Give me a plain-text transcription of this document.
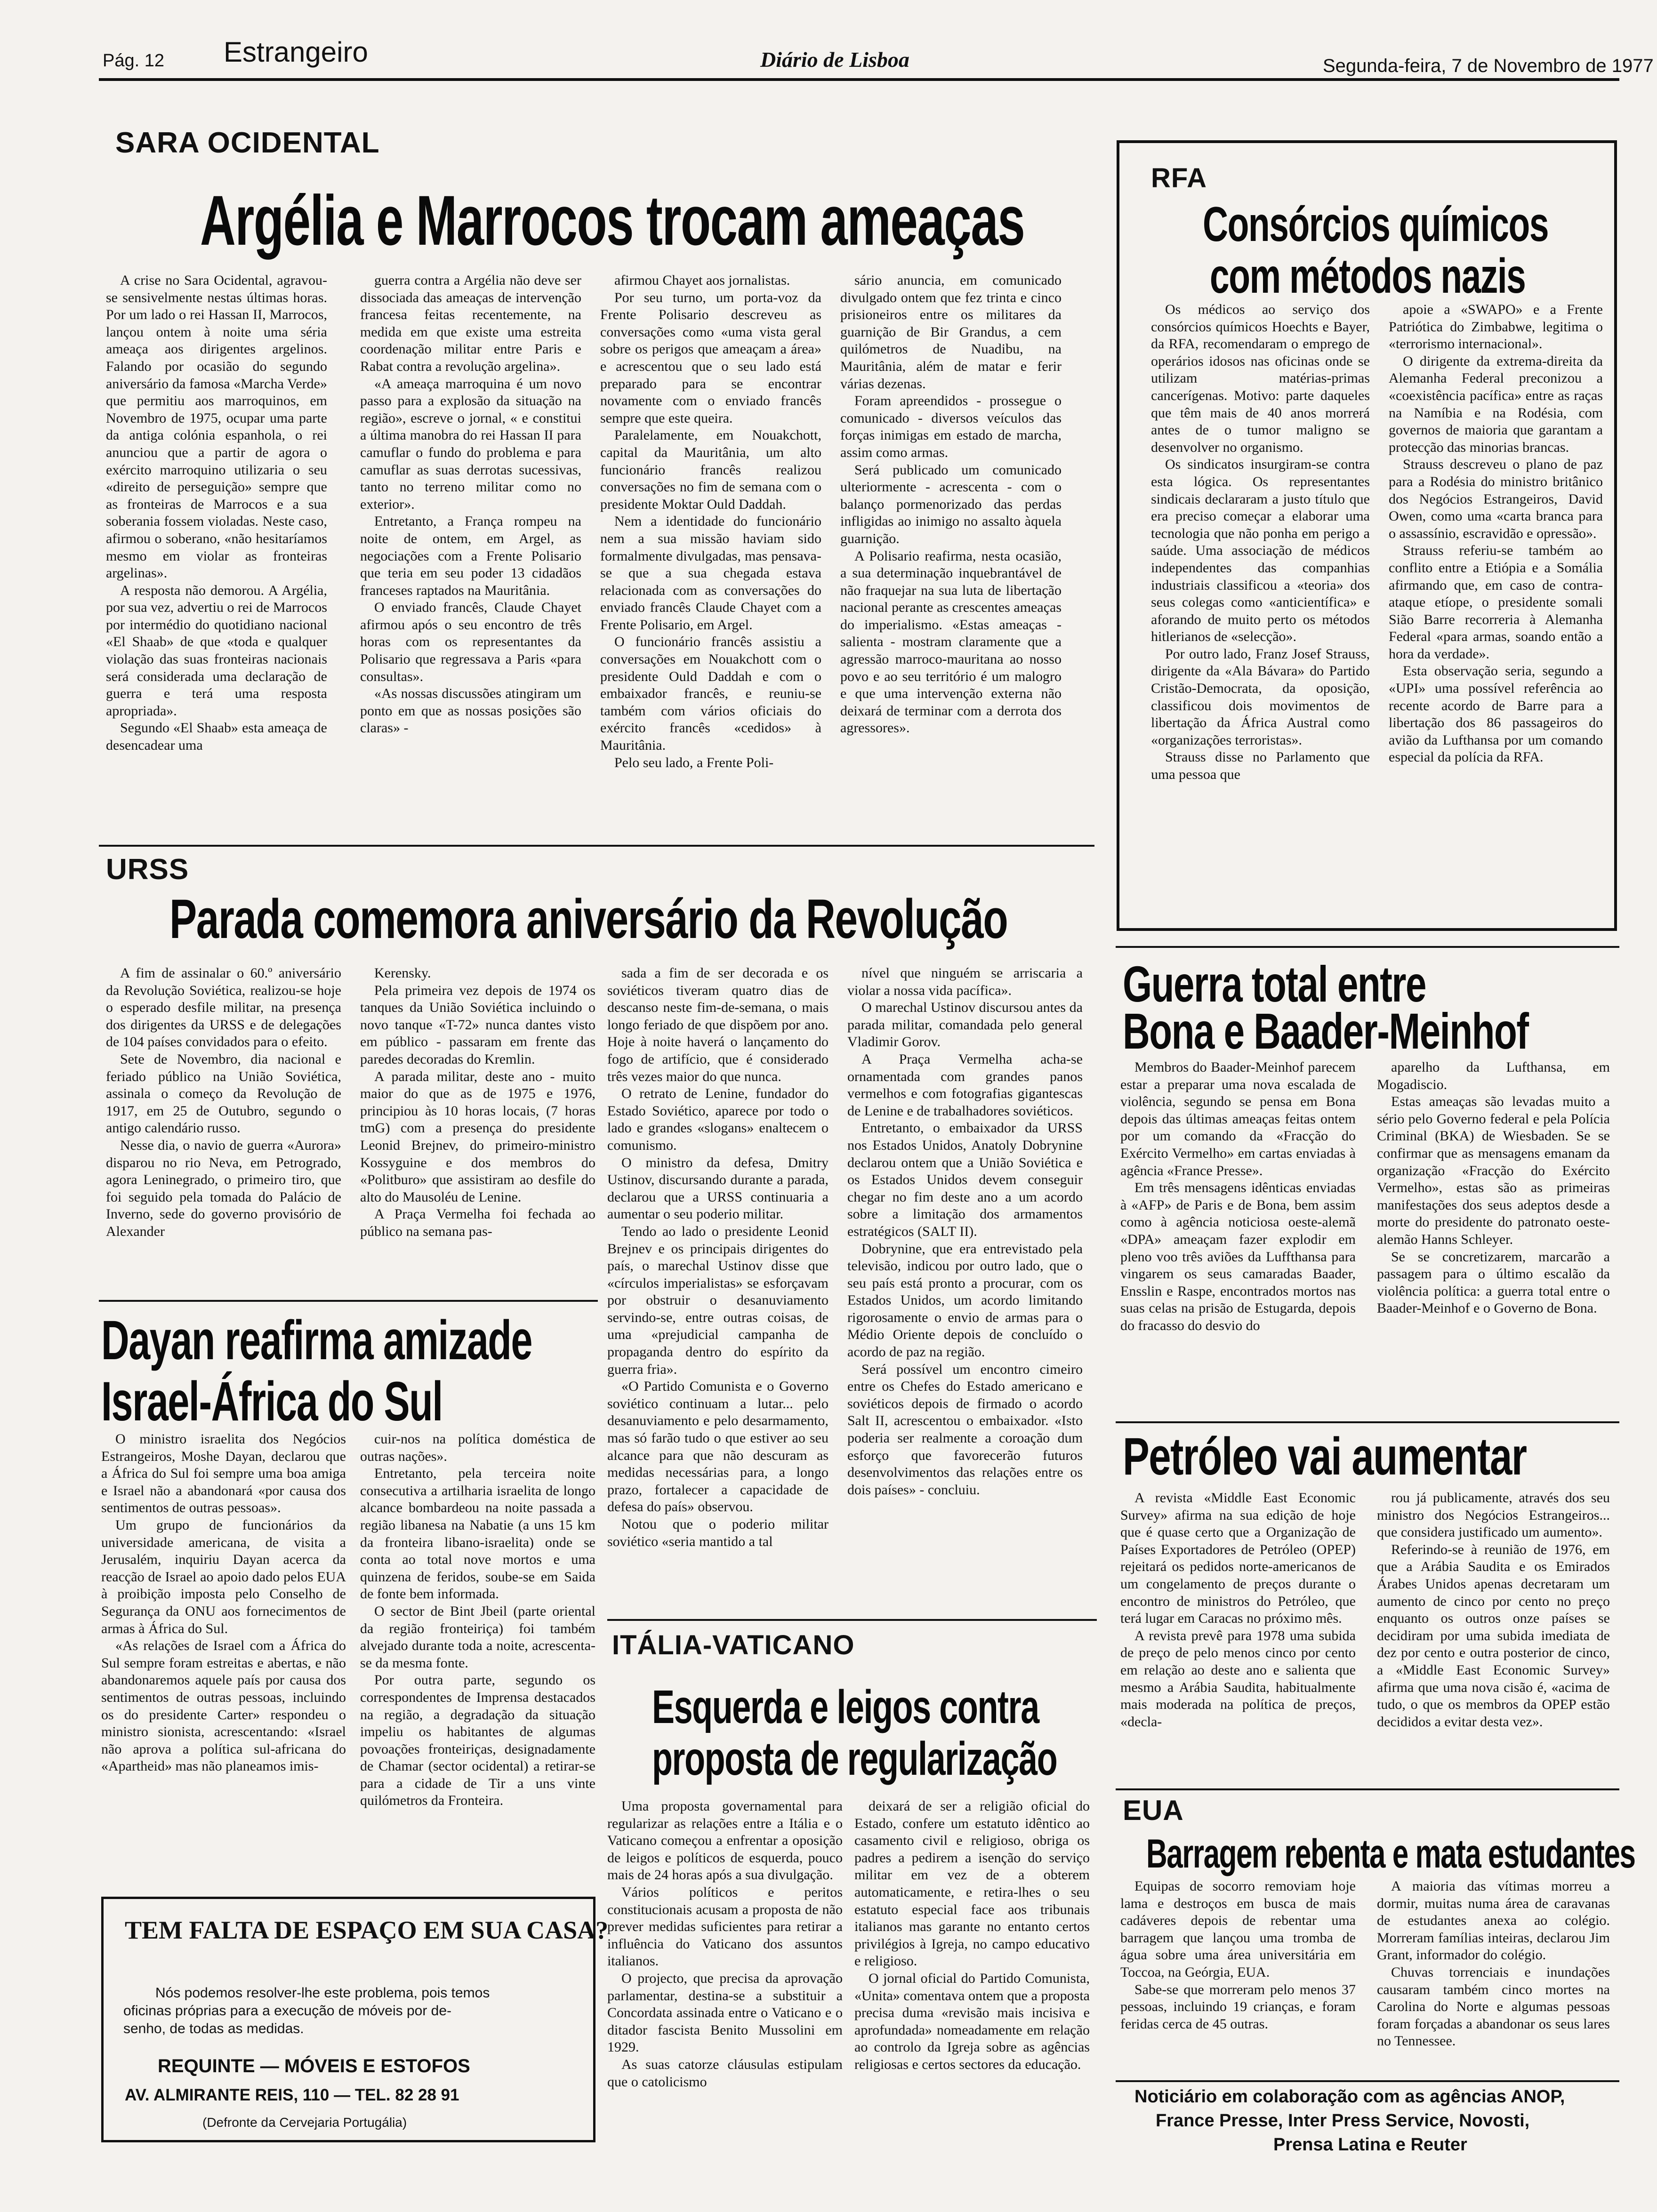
Pág. 12 Estrangeiro	Diário de Lisboa	Segunda-feira, 7 de Novembro de 1977
SARA OCIDENTAL
Argélia e Marrocos trocam ameaças

A crise no Sara Ocidental, agravou-se sensivelmente nestas últimas horas. Por um lado o rei Hassan II, Marrocos, lançou ontem à noite uma séria ameaça aos dirigentes argelinos. Falando por ocasião do segundo aniversário da famosa «Marcha Verde» que permitiu aos marroquinos, em Novembro de 1975, ocupar uma parte da antiga colónia espanhola, o rei anunciou que a partir de agora o exército marroquino utilizaria o seu «direito de perseguição» sempre que as fronteiras de Marrocos e a sua soberania fossem violadas. Neste caso, afirmou o soberano, «não hesitaríamos mesmo em violar as fronteiras argelinas».

A resposta não demorou. A Argélia, por sua vez, advertiu o rei de Marrocos por intermédio do quotidiano nacional «El Shaab» de que «toda e qualquer violação das suas fronteiras nacionais será considerada uma declaração de guerra e terá uma resposta apropriada».

Segundo «El Shaab» esta ameaça de desencadear uma

guerra contra a Argélia não deve ser dissociada das ameaças de intervenção francesa feitas recentemente, na medida em que existe uma estreita coordenação militar entre Paris e Rabat contra a revolução argelina».

«A ameaça marroquina é um novo passo para a explosão da situação na região», escreve o jornal, « e constitui a última manobra do rei Hassan II para camuflar o fundo do problema e para camuflar as suas derrotas sucessivas, tanto no terreno militar como no exterior».

Entretanto, a França rompeu na noite de ontem, em Argel, as negociações com a Frente Polisario que teria em seu poder 13 cidadãos franceses raptados na Mauritânia.

O enviado francês, Claude Chayet afirmou após o seu encontro de três horas com os representantes da Polisario que regressava a Paris «para consultas».

«As nossas discussões atingiram um ponto em que as nossas posições são claras» -

afirmou Chayet aos jornalistas.

Por seu turno, um porta-voz da Frente Polisario descreveu as conversações como «uma vista geral sobre os perigos que ameaçam a área» e acrescentou que o seu lado está preparado para se encontrar novamente com o enviado francês sempre que este queira.

Paralelamente, em Nouakchott, capital da Mauritânia, um alto funcionário francês realizou conversações no fim de semana com o presidente Moktar Ould Daddah.

Nem a identidade do funcionário nem a sua missão haviam sido formalmente divulgadas, mas pensava-se que a sua chegada estava relacionada com as conversações do enviado francês Claude Chayet com a Frente Polisario, em Argel.

O funcionário francês assistiu a conversações em Nouakchott com o presidente Ould Daddah e com o embaixador francês, e reuniu-se também com vários oficiais do exército francês «cedidos» à Mauritânia.

Pelo seu lado, a Frente Poli-

sário anuncia, em comunicado divulgado ontem que fez trinta e cinco prisioneiros entre os militares da guarnição de Bir Grandus, a cem quilómetros de Nuadibu, na Mauritânia, além de matar e ferir várias dezenas.

Foram apreendidos - prossegue o comunicado - diversos veículos das forças inimigas em estado de marcha, assim como armas.

Será publicado um comunicado ulteriormente - acrescenta - com o balanço pormenorizado das perdas infligidas ao inimigo no assalto àquela guarnição.

A Polisario reafirma, nesta ocasião, a sua determinação inquebrantável de não fraquejar na sua luta de libertação nacional perante as crescentes ameaças do imperialismo. «Estas ameaças - salienta - mostram claramente que a agressão marroco-mauritana ao nosso povo e ao seu território é um malogro e que uma intervenção externa não deixará de terminar com a derrota dos agressores».

RFA
Consórcios químicos
com métodos nazis

Os médicos ao serviço dos consórcios químicos Hoechts e Bayer, da RFA, recomendaram o emprego de operários idosos nas oficinas onde se utilizam matérias-primas cancerígenas. Motivo: parte daqueles que têm mais de 40 anos morrerá antes de o tumor maligno se desenvolver no organismo.

Os sindicatos insurgiram-se contra esta lógica. Os representantes sindicais declararam a justo título que era preciso começar a elaborar uma tecnologia que não ponha em perigo a saúde. Uma associação de médicos independentes das companhias industriais classificou a «teoria» dos seus colegas como «anticientífica» e aforando de muito perto os métodos hitlerianos de «selecção».

Por outro lado, Franz Josef Strauss, dirigente da «Ala Bávara» do Partido Cristão-Democrata, da oposição, classificou dois movimentos de libertação da África Austral como «organizações terroristas».

Strauss disse no Parlamento que uma pessoa que

apoie a «SWAPO» e a Frente Patriótica do Zimbabwe, legitima o «terrorismo internacional».

O dirigente da extrema-direita da Alemanha Federal preconizou a «coexistência pacífica» entre as raças na Namíbia e na Rodésia, com governos de maioria que garantam a protecção das minorias brancas.

Strauss descreveu o plano de paz para a Rodésia do ministro britânico dos Negócios Estrangeiros, David Owen, como uma «carta branca para o assassínio, escravidão e opressão».

Strauss referiu-se também ao conflito entre a Etiópia e a Somália afirmando que, em caso de contra-ataque etíope, o presidente somali Sião Barre recorreria à Alemanha Federal «para armas, soando então a hora da verdade».

Esta observação seria, segundo a «UPI» uma possível referência ao recente acordo de Barre para a libertação dos 86 passageiros do avião da Lufthansa por um comando especial da polícia da RFA.

URSS
Parada comemora aniversário da Revolução

A fim de assinalar o 60.º aniversário da Revolução Soviética, realizou-se hoje o esperado desfile militar, na presença dos dirigentes da URSS e de delegações de 104 países convidados para o efeito.

Sete de Novembro, dia nacional e feriado público na União Soviética, assinala o começo da Revolução de 1917, em 25 de Outubro, segundo o antigo calendário russo.

Nesse dia, o navio de guerra «Aurora» disparou no rio Neva, em Petrogrado, agora Leninegrado, o primeiro tiro, que foi seguido pela tomada do Palácio de Inverno, sede do governo provisório de Alexander

Kerensky.

Pela primeira vez depois de 1974 os tanques da União Soviética incluindo o novo tanque «T-72» nunca dantes visto em público - passaram em frente das paredes decoradas do Kremlin.

A parada militar, deste ano - muito maior do que as de 1975 e 1976, principiou às 10 horas locais, (7 horas tmG) com a presença do presidente Leonid Brejnev, do primeiro-ministro Kossyguine e dos membros do «Politburo» que assistiram ao desfile do alto do Mausoléu de Lenine.

A Praça Vermelha foi fechada ao público na semana pas-

sada a fim de ser decorada e os soviéticos tiveram quatro dias de descanso neste fim-de-semana, o mais longo feriado de que dispõem por ano. Hoje à noite haverá o lançamento do fogo de artifício, que é considerado três vezes maior do que nunca.

O retrato de Lenine, fundador do Estado Soviético, aparece por todo o lado e grandes «slogans» enaltecem o comunismo.

O ministro da defesa, Dmitry Ustinov, discursando durante a parada, declarou que a URSS continuaria a aumentar o seu poderio militar.

Tendo ao lado o presidente Leonid Brejnev e os principais dirigentes do país, o marechal Ustinov disse que «círculos imperialistas» se esforçavam por obstruir o desanuviamento servindo-se, entre outras coisas, de uma «prejudicial campanha de propaganda dentro do espírito da guerra fria».

«O Partido Comunista e o Governo soviético continuam a lutar... pelo desanuviamento e pelo desarmamento, mas só farão tudo o que estiver ao seu alcance para que não descuram as medidas necessárias para, a longo prazo, fortalecer a capacidade de defesa do país» observou.

Notou que o poderio militar soviético «seria mantido a tal

nível que ninguém se arriscaria a violar a nossa vida pacífica».

O marechal Ustinov discursou antes da parada militar, comandada pelo general Vladimir Gorov.

A Praça Vermelha acha-se ornamentada com grandes panos vermelhos e com fotografias gigantescas de Lenine e de trabalhadores soviéticos.

Entretanto, o embaixador da URSS nos Estados Unidos, Anatoly Dobrynine declarou ontem que a União Soviética e os Estados Unidos devem conseguir chegar no fim deste ano a um acordo sobre a limitação dos armamentos estratégicos (SALT II).

Dobrynine, que era entrevistado pela televisão, indicou por outro lado, que o seu país está pronto a procurar, com os Estados Unidos, um acordo limitando rigorosamente o envio de armas para o Médio Oriente depois de concluído o acordo de paz na região.

Será possível um encontro cimeiro entre os Chefes do Estado americano e soviéticos depois de firmado o acordo Salt II, acrescentou o embaixador. «Isto poderia ser realmente a coroação dum esforço que favorecerão futuros desenvolvimentos das relações entre os dois países» - concluiu.

Guerra total entre
Bona e Baader-Meinhof

Membros do Baader-Meinhof parecem estar a preparar uma nova escalada de violência, segundo se pensa em Bona depois das últimas ameaças feitas ontem por um comando da «Fracção do Exército Vermelho» em cartas enviadas à agência «France Presse».

Em três mensagens idênticas enviadas à «AFP» de Paris e de Bona, bem assim como à agência noticiosa oeste-alemã «DPA» ameaçam fazer explodir em pleno voo três aviões da Luffthansa para vingarem os seus camaradas Baader, Ensslin e Raspe, encontrados mortos nas suas celas na prisão de Estugarda, depois do fracasso do desvio do

aparelho da Lufthansa, em Mogadiscio.

Estas ameaças são levadas muito a sério pelo Governo federal e pela Polícia Criminal (BKA) de Wiesbaden. Se se confirmar que as mensagens emanam da organização «Fracção do Exército Vermelho», estas são as primeiras manifestações dos seus adeptos desde a morte do presidente do patronato oeste-alemão Hanns Schleyer.

Se se concretizarem, marcarão a passagem para o último escalão da violência política: a guerra total entre o Baader-Meinhof e o Governo de Bona.

Dayan reafirma amizade
Israel-África do Sul

O ministro israelita dos Negócios Estrangeiros, Moshe Dayan, declarou que a África do Sul foi sempre uma boa amiga e Israel não a abandonará «por causa dos sentimentos de outras pessoas».

Um grupo de funcionários da universidade americana, de visita a Jerusalém, inquiriu Dayan acerca da reacção de Israel ao apoio dado pelos EUA à proibição imposta pelo Conselho de Segurança da ONU aos fornecimentos de armas à África do Sul.

«As relações de Israel com a África do Sul sempre foram estreitas e abertas, e não abandonaremos aquele país por causa dos sentimentos de outras pessoas, incluindo os do presidente Carter» respondeu o ministro sionista, acrescentando: «Israel não aprova a política sul-africana do «Apartheid» mas não planeamos imis-

cuir-nos na política doméstica de outras nações».

Entretanto, pela terceira noite consecutiva a artilharia israelita de longo alcance bombardeou na noite passada a região libanesa na Nabatie (a uns 15 km da fronteira libano-israelita) onde se conta ao total nove mortos e uma quinzena de feridos, soube-se em Saida de fonte bem informada.

O sector de Bint Jbeil (parte oriental da região fronteiriça) foi também alvejado durante toda a noite, acrescenta-se da mesma fonte.

Por outra parte, segundo os correspondentes de Imprensa destacados na região, a degradação da situação impeliu os habitantes de algumas povoações fronteiriças, designadamente de Chamar (sector ocidental) a retirar-se para a cidade de Tir a uns vinte quilómetros da Fronteira.

TEM FALTA DE ESPAÇO EM SUA CASA?
Nós podemos resolver-lhe este problema, pois temos
oficinas próprias para a execução de móveis por de-
senho, de todas as medidas.
REQUINTE — MÓVEIS E ESTOFOS
AV. ALMIRANTE REIS, 110 — TEL. 82 28 91
(Defronte da Cervejaria Portugália)
ITÁLIA-VATICANO
Esquerda e leigos contra
proposta de regularização

Uma proposta governamental para regularizar as relações entre a Itália e o Vaticano começou a enfrentar a oposição de leigos e políticos de esquerda, pouco mais de 24 horas após a sua divulgação.

Vários políticos e peritos constitucionais acusam a proposta de não prever medidas suficientes para retirar a influência do Vaticano dos assuntos italianos.

O projecto, que precisa da aprovação parlamentar, destina-se a substituir a Concordata assinada entre o Vaticano e o ditador fascista Benito Mussolini em 1929.

As suas catorze cláusulas estipulam que o catolicismo

deixará de ser a religião oficial do Estado, confere um estatuto idêntico ao casamento civil e religioso, obriga os padres a pedirem a isenção do serviço militar em vez de a obterem automaticamente, e retira-lhes o seu estatuto especial face aos tribunais italianos mas garante no entanto certos privilégios à Igreja, no campo educativo e religioso.

O jornal oficial do Partido Comunista, «Unita» comentava ontem que a proposta precisa duma «revisão mais incisiva e aprofundada» nomeadamente em relação ao controlo da Igreja sobre as agências religiosas e certos sectores da educação.

Petróleo vai aumentar

A revista «Middle East Economic Survey» afirma na sua edição de hoje que é quase certo que a Organização de Países Exportadores de Petróleo (OPEP) rejeitará os pedidos norte-americanos de um congelamento de preços durante o encontro de ministros do Petróleo, que terá lugar em Caracas no próximo mês.

A revista prevê para 1978 uma subida de preço de pelo menos cinco por cento em relação ao deste ano e salienta que mesmo a Arábia Saudita, habitualmente mais moderada na política de preços, «decla-

rou já publicamente, através dos seu ministro dos Negócios Estrangeiros... que considera justificado um aumento».

Referindo-se à reunião de 1976, em que a Arábia Saudita e os Emirados Árabes Unidos apenas decretaram um aumento de cinco por cento no preço enquanto os outros onze países se decidiram por uma subida imediata de dez por cento e outra posterior de cinco, a «Middle East Economic Survey» afirma que uma nova cisão é, «acima de tudo, o que os membros da OPEP estão decididos a evitar desta vez».

EUA
Barragem rebenta e mata estudantes

Equipas de socorro removiam hoje lama e destroços em busca de mais cadáveres depois de rebentar uma barragem que lançou uma tromba de água sobre uma área universitária em Toccoa, na Geórgia, EUA.

Sabe-se que morreram pelo menos 37 pessoas, incluindo 19 crianças, e foram feridas cerca de 45 outras.

A maioria das vítimas morreu a dormir, muitas numa área de caravanas de estudantes anexa ao colégio. Morreram famílias inteiras, declarou Jim Grant, informador do colégio.

Chuvas torrenciais e inundações causaram também cinco mortes na Carolina do Norte e algumas pessoas foram forçadas a abandonar os seus lares no Tennessee.

Noticiário em colaboração com as agências ANOP,
France Presse, Inter Press Service, Novosti,
Prensa Latina e Reuter
